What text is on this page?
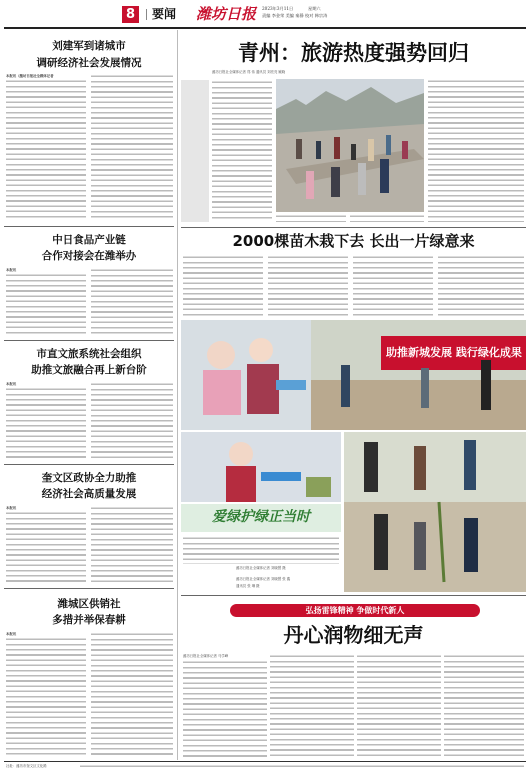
8	要闻 潍坊日报 2023年3月11日	星期六
责编 李金荣 美编 秦静 校对 韩宗涛
刘建军到诸城市
调研经济社会发展情况
本报讯（潍坊日报社全媒体记者
中日食品产业链
合作对接会在潍举办
本报讯
市直文旅系统社会组织
助推文旅融合再上新台阶
本报讯
奎文区政协全力助推
经济社会高质量发展
本报讯
潍城区供销社
多措并举保春耕
本报讯
青州：旅游热度强势回归
潍坊日报社全媒体记者 郑 伟 通讯员 刘亮亮 臧晓
2000棵苗木栽下去 长出一片绿意来
助推新城发展 践行绿化成果
爱绿护绿正当时
潍坊日报社全媒体记者 刘晓慧 摄
潍坊日报社全媒体记者 刘晓慧 张 鑫
通讯员 张 琳 摄
弘扬雷锋精神 争做时代新人
丹心润物细无声
潍坊日报社全媒体记者 马学峰
社址：潍坊市奎文区文化路
